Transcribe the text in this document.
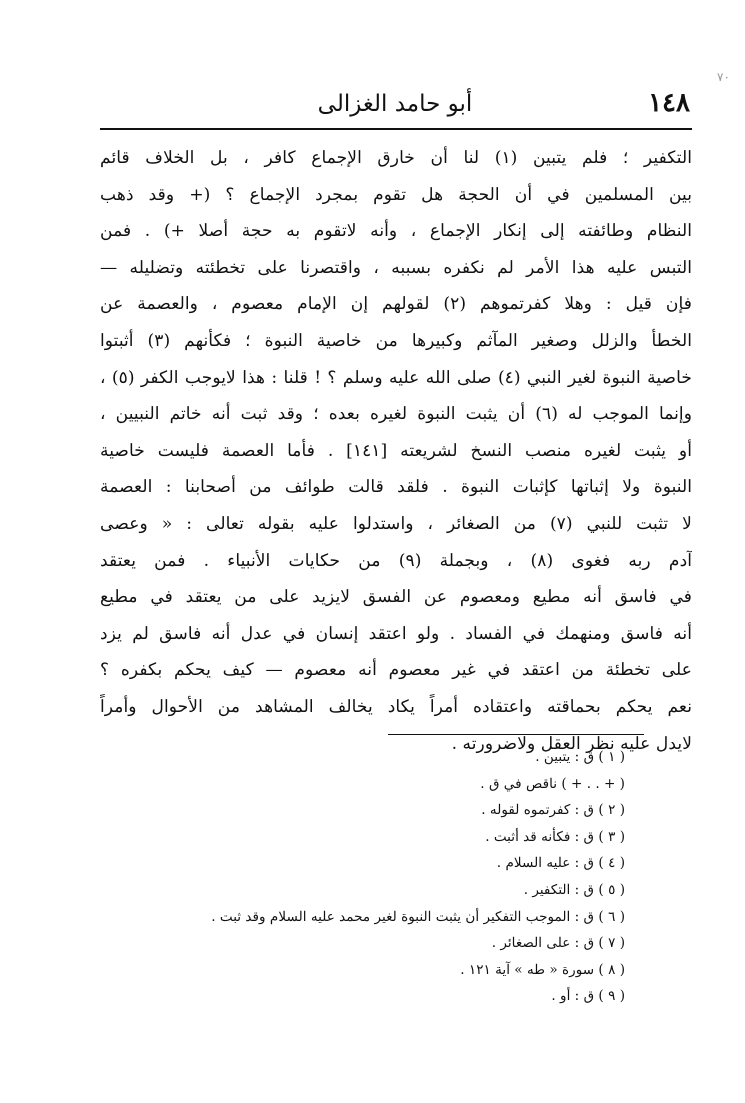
٧٠
١٤٨
أبو حامد الغزالى
التكفير ؛ فلم يتبين (١) لنا أن خارق الإجماع كافر ، بل الخلاف قائم
بين المسلمين في أن الحجة هل تقوم بمجرد الإجماع ؟ (+ وقد ذهب
النظام وطائفته إلى إنكار الإجماع ، وأنه لاتقوم به حجة أصلا +) . فمن
التبس عليه هذا الأمر لم نكفره بسببه ، واقتصرنا على تخطئته وتضليله —
فإن قيل : وهلا كفرتموهم (٢) لقولهم إن الإمام معصوم ، والعصمة عن
الخطأ والزلل وصغير المآثم وكبيرها من خاصية النبوة ؛ فكأنهم (٣) أثبتوا
خاصية النبوة لغير النبي (٤) صلى الله عليه وسلم ؟ ! قلنا : هذا لايوجب الكفر (٥) ،
وإنما الموجب له (٦) أن يثبت النبوة لغيره بعده ؛ وقد ثبت أنه خاتم النبيين ،
أو يثبت لغيره منصب النسخ لشريعته [١٤١] . فأما العصمة فليست خاصية
النبوة ولا إثباتها كإثبات النبوة . فلقد قالت طوائف من أصحابنا : العصمة
لا تثبت للنبي (٧) من الصغائر ، واستدلوا عليه بقوله تعالى : « وعصى
آدم ربه فغوى (٨) ، وبجملة (٩) من حكايات الأنبياء . فمن يعتقد
في فاسق أنه مطيع ومعصوم عن الفسق لايزيد على من يعتقد في مطيع
أنه فاسق ومنهمك في الفساد . ولو اعتقد إنسان في عدل أنه فاسق لم يزد
على تخطئة من اعتقد في غير معصوم أنه معصوم — كيف يحكم بكفره ؟
نعم يحكم بحماقته واعتقاده أمراً يكاد يخالف المشاهد من الأحوال وأمراً
لايدل عليه نظر العقل ولاضرورته .
( ١ ) ق : يتبين .
( + . . + ) ناقص في ق .
( ٢ ) ق : كفرتموه لقوله .
( ٣ ) ق : فكأنه قد أثبت .
( ٤ ) ق : عليه السلام .
( ٥ ) ق : التكفير .
( ٦ ) ق : الموجب التفكير أن يثبت النبوة لغير محمد عليه السلام وقد ثبت .
( ٧ ) ق : على الصغائر .
( ٨ ) سورة « طه » آية ١٢١ .
( ٩ ) ق : أو .
